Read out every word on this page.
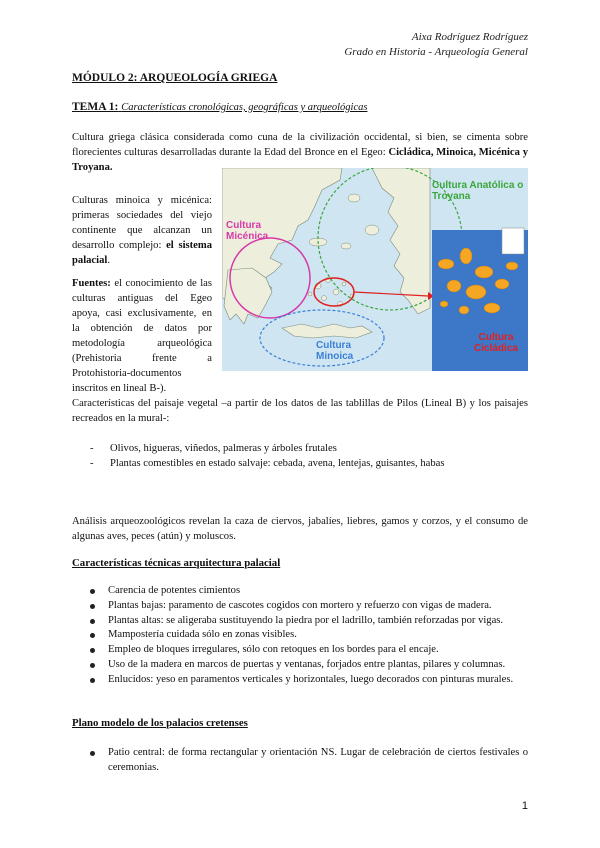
Aixa Rodríguez Rodríguez
Grado en Historia - Arqueología General
MÓDULO 2: ARQUEOLOGÍA GRIEGA
TEMA 1: Características cronológicas, geográficas y arqueológicas
Cultura griega clásica considerada como cuna de la civilización occidental, si bien, se cimenta sobre florecientes culturas desarrolladas durante la Edad del Bronce en el Egeo: Cicládica, Minoica, Micénica y Troyana.
Culturas minoica y micénica: primeras sociedades del viejo continente que alcanzan un desarrollo complejo: el sistema palacial.
Fuentes: el conocimiento de las culturas antiguas del Egeo apoya, casi exclusivamente, en la obtención de datos por metodología arqueológica (Prehistoria frente a Protohistoria-documentos inscritos en lineal B-).
Cultura Micénica
Cultura Anatólica o Troyana
Cultura Minoica
Cultura Cicládica
Características del paisaje vegetal –a partir de los datos de las tablillas de Pilos (Lineal B) y los paisajes recreados en la mural-:
- Olivos, higueras, viñedos, palmeras y árboles frutales
- Plantas comestibles en estado salvaje: cebada, avena, lentejas, guisantes, habas
Análisis arqueozoológicos revelan la caza de ciervos, jabalíes, liebres, gamos y corzos, y el consumo de algunas aves, peces (atún) y moluscos.
Características técnicas arquitectura palacial
Carencia de potentes cimientos
Plantas bajas: paramento de cascotes cogidos con mortero y refuerzo con vigas de madera.
Plantas altas: se aligeraba sustituyendo la piedra por el ladrillo, también reforzadas por vigas.
Mampostería cuidada sólo en zonas visibles.
Empleo de bloques irregulares, sólo con retoques en los bordes para el encaje.
Uso de la madera en marcos de puertas y ventanas, forjados entre plantas, pilares y columnas.
Enlucidos: yeso en paramentos verticales y horizontales, luego decorados con pinturas murales.
Plano modelo de los palacios cretenses
Patio central: de forma rectangular y orientación NS. Lugar de celebración de ciertos festivales o ceremonias.
1
